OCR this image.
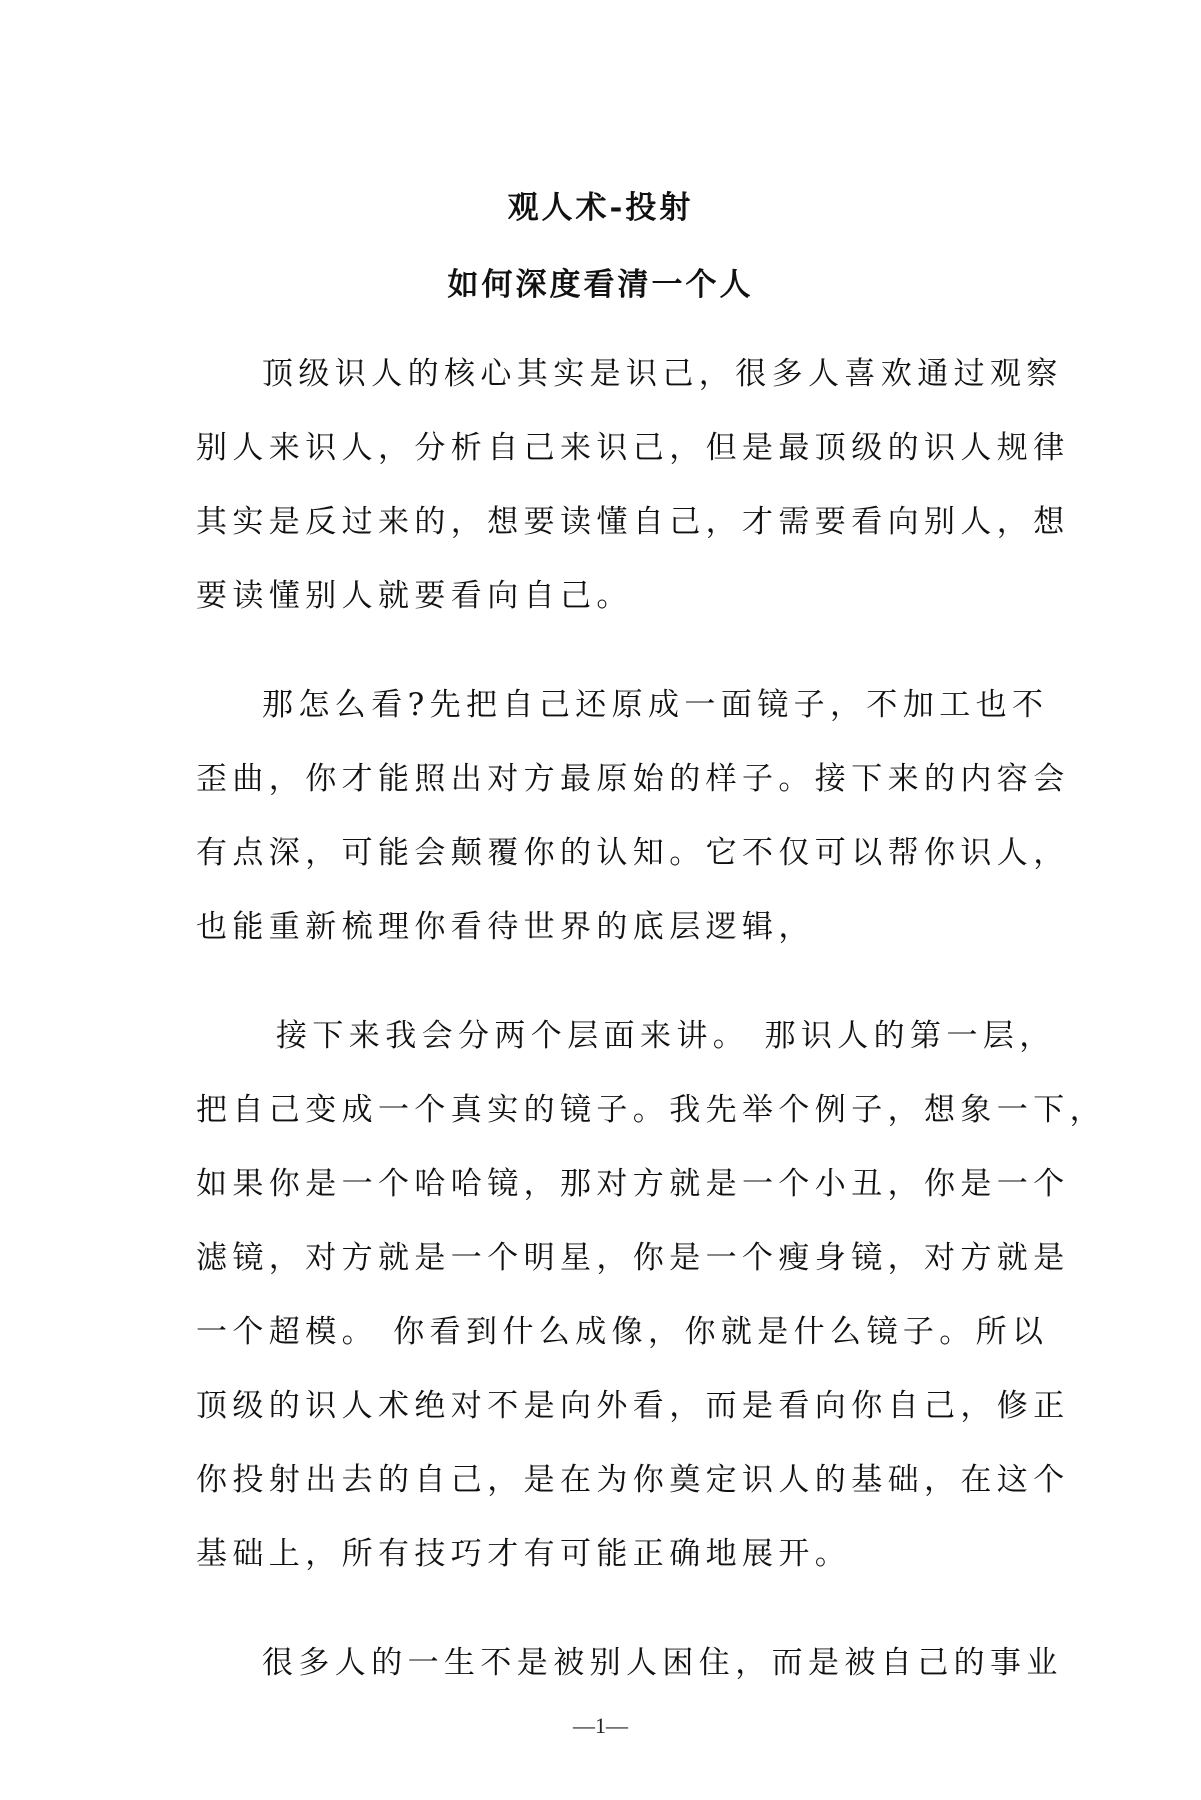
观人术-投射
如何深度看清一个人

顶级识人的核心其实是识己，很多人喜欢通过观察

别人来识人，分析自己来识己，但是最顶级的识人规律

其实是反过来的，想要读懂自己，才需要看向别人，想

要读懂别人就要看向自己。

那怎么看?先把自己还原成一面镜子，不加工也不

歪曲，你才能照出对方最原始的样子。接下来的内容会

有点深，可能会颠覆你的认知。它不仅可以帮你识人，

也能重新梳理你看待世界的底层逻辑，

接下来我会分两个层面来讲。 那识人的第一层，

把自己变成一个真实的镜子。我先举个例子，想象一下，

如果你是一个哈哈镜，那对方就是一个小丑，你是一个

滤镜，对方就是一个明星，你是一个瘦身镜，对方就是

一个超模。 你看到什么成像，你就是什么镜子。所以

顶级的识人术绝对不是向外看，而是看向你自己，修正

你投射出去的自己，是在为你奠定识人的基础，在这个

基础上，所有技巧才有可能正确地展开。

很多人的一生不是被别人困住，而是被自己的事业

—1—
